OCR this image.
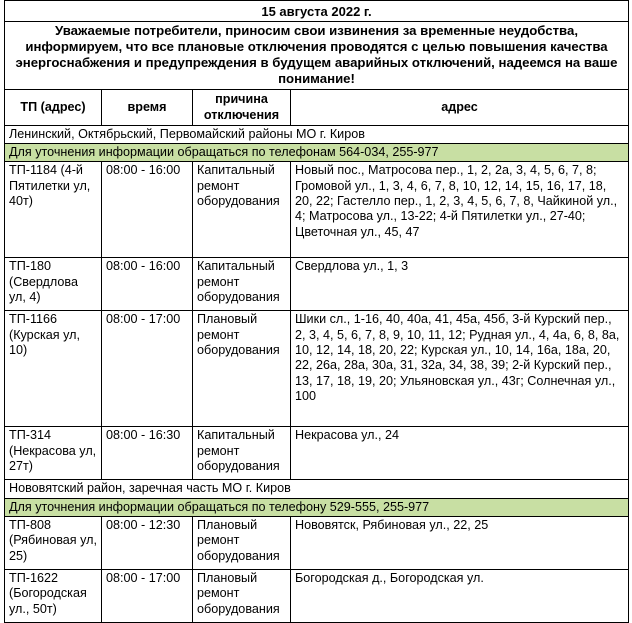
15 августа 2022 г.			
Уважаемые потребители, приносим свои извинения за временные неудобства, информируем, что все плановые отключения проводятся с целью повышения качества энергоснабжения и предупреждения в будущем аварийных отключений, надеемся на ваше понимание!			
ТП (адрес)	время	причина отключения	адрес
Ленинский, Октябрьский, Первомайский районы МО г. Киров			
Для уточнения информации обращаться по телефонам 564-034, 255-977			
ТП-1184 (4-й Пятилетки ул, 40т)	08:00 - 16:00	Капитальный ремонт оборудования	Новый пос., Матросова пер., 1, 2, 2а, 3, 4, 5, 6, 7, 8; Громовой ул., 1, 3, 4, 6, 7, 8, 10, 12, 14, 15, 16, 17, 18, 20, 22; Гастелло пер., 1, 2, 3, 4, 5, 6, 7, 8, Чайкиной ул., 4; Матросова ул., 13-22; 4-й Пятилетки ул., 27-40; Цветочная ул., 45, 47
ТП-180 (Свердлова ул, 4)	08:00 - 16:00	Капитальный ремонт оборудования	Свердлова ул., 1, 3
ТП-1166 (Курская ул, 10)	08:00 - 17:00	Плановый ремонт оборудования	Шики сл., 1-16, 40, 40а, 41, 45а, 45б, 3-й Курский пер., 2, 3, 4, 5, 6, 7, 8, 9, 10, 11, 12; Рудная ул., 4, 4а, 6, 8, 8а, 10, 12, 14, 18, 20, 22; Курская ул., 10, 14, 16а, 18а, 20, 22, 26а, 28а, 30а, 31, 32а, 34, 38, 39; 2-й Курский пер., 13, 17, 18, 19, 20; Ульяновская ул., 43г; Солнечная ул., 100
ТП-314 (Некрасова ул, 27т)	08:00 - 16:30	Капитальный ремонт оборудования	Некрасова ул., 24
Нововятский район, заречная часть МО г. Киров			
Для уточнения информации обращаться по телефону 529-555, 255-977			
ТП-808 (Рябиновая ул, 25)	08:00 - 12:30	Плановый ремонт оборудования	Нововятск, Рябиновая ул., 22, 25
ТП-1622 (Богородская ул., 50т)	08:00 - 17:00	Плановый ремонт оборудования	Богородская д., Богородская ул.
